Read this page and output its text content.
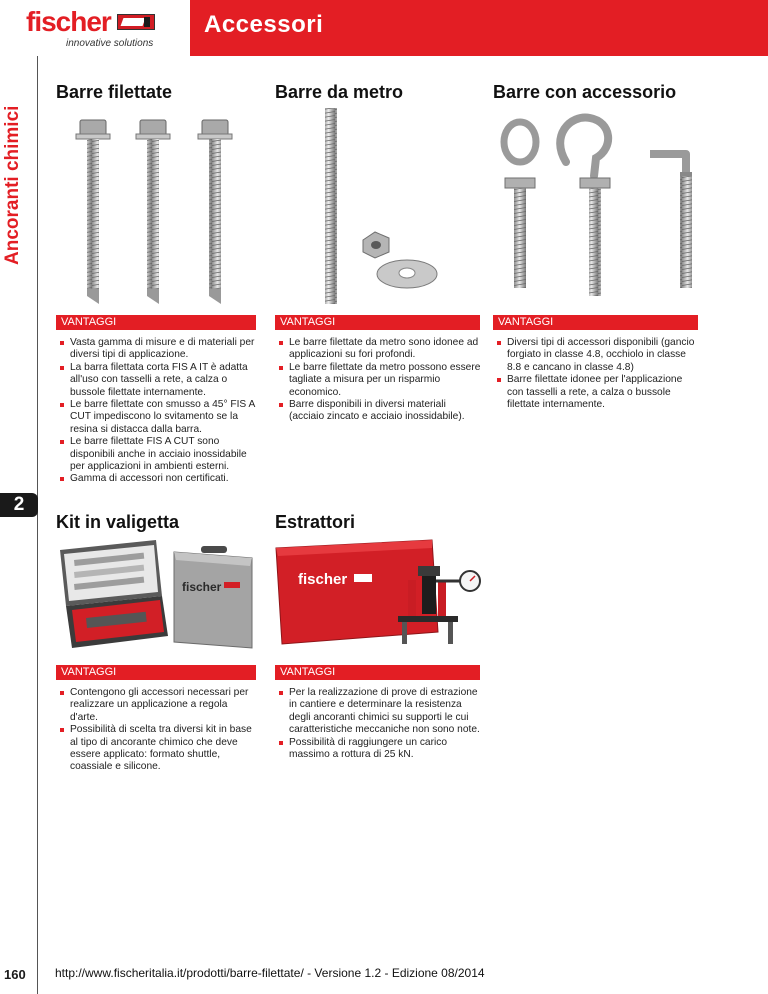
fischer
innovative solutions
Accessori
Ancoranti chimici
2
160
Barre filettate
VANTAGGI
Vasta gamma di misure e di materiali per diversi tipi di applicazione.
La barra filettata corta FIS A IT è adatta all'uso con tasselli a rete, a calza o bussole filettate internamente.
Le barre filettate con smusso a 45° FIS A CUT impediscono lo svitamento se la resina si distacca dalla barra.
Le barre filettate FIS A CUT sono disponibili anche in acciaio inossidabile per applicazioni in ambienti esterni.
Gamma di accessori non certificati.
Barre da metro
VANTAGGI
Le barre filettate da metro sono idonee ad applicazioni su fori profondi.
Le barre filettate da metro possono essere tagliate a misura per un risparmio economico.
Barre disponibili in diversi materiali (acciaio zincato e acciaio inossidabile).
Barre con accessorio
VANTAGGI
Diversi tipi di accessori disponibili (gancio forgiato in classe 4.8, occhiolo in classe 8.8 e cancano in classe 4.8)
Barre filettate idonee per l'applicazione con tasselli a rete, a calza o bussole filettate internamente.
Kit in valigetta
fischer
VANTAGGI
Contengono gli accessori necessari per realizzare un applicazione a regola d'arte.
Possibilità di scelta tra diversi kit in base al tipo di ancorante chimico che deve essere applicato: formato shuttle, coassiale e silicone.
Estrattori
fischer
VANTAGGI
Per la realizzazione di prove di estrazione in cantiere e determinare la resistenza degli ancoranti chimici su supporti le cui caratteristiche meccaniche non sono note.
Possibilità di raggiungere un carico massimo a rottura di 25 kN.
http://www.fischeritalia.it/prodotti/barre-filettate/ - Versione 1.2 - Edizione 08/2014
